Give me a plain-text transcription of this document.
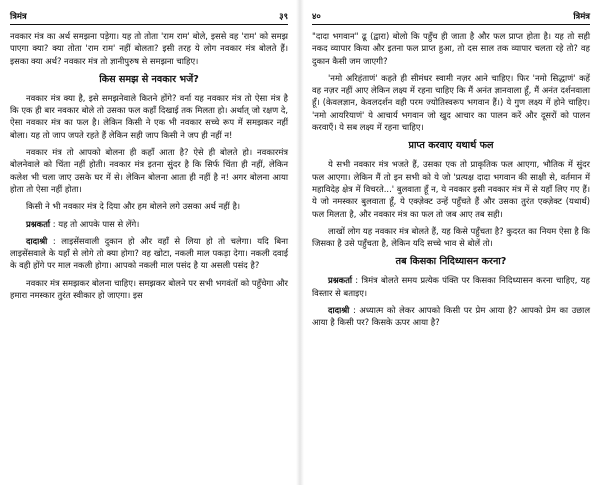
त्रिमंत्र	३९

नवकार मंत्र का अर्थ समझना पड़ेगा। यह तो तोता 'राम राम' बोले, इससे वह 'राम' को समझ पाएगा क्या? क्या तोता 'राम राम' नहीं बोलता? इसी तरह ये लोग नवकार मंत्र बोलते हैं। इसका क्या अर्थ? नवकार मंत्र तो ज्ञानीपुरुष से समझना चाहिए।

किस समझ से नवकार भजें?

नवकार मंत्र क्या है, इसे समझनेवाले कितने होंगे? वर्ना यह नवकार मंत्र तो ऐसा मंत्र है कि एक ही बार नवकार बोले तो उसका फल कहाँ दिखाई तक मिलता हो। अर्थात् जो रक्षण दे, ऐसा नवकार मंत्र का फल है। लेकिन किसी ने एक भी नवकार सच्चे रूप में समझकर नहीं बोला। यह तो जाप जपते रहते हैं लेकिन सही जाप किसी ने जप ही नहीं न!

नवकार मंत्र तो आपको बोलना ही कहाँ आता है? ऐसे ही बोलते हो। नवकारमंत्र बोलनेवाले को चिंता नहीं होती। नवकार मंत्र इतना सुंदर है कि सिर्फ चिंता ही नहीं, लेकिन कलेश भी चला जाए उसके घर में से। लेकिन बोलना आता ही नहीं है न! अगर बोलना आया होता तो ऐसा नहीं होता।

किसी ने भी नवकार मंत्र दे दिया और हम बोलने लगे उसका अर्थ नहीं है।

प्रश्नकर्ता : यह तो आपके पास से लेंगे।

दादाश्री : लाइसेंसवाली दुकान हो और वहाँ से लिया हो तो चलेगा। यदि बिना लाइसेंसवाले के यहाँ से लोगे तो क्या होगा? वह खोटा, नकली माल पकड़ा देगा। नकली दवाई के वही होंगे पर माल नकली होगा। आपको नकली माल पसंद है या असली पसंद है?

नवकार मंत्र समझकर बोलना चाहिए। समझकर बोलने पर सभी भगवंतों को पहुँचेगा और हमारा नमस्कार तुरंत स्वीकार हो जाएगा। इस

४०	त्रिमंत्र

"दादा भगवान" ढू (द्वारा) बोलो कि पहुँच ही जाता है और फल प्राप्त होता है। यह तो सही नकद व्यापार किया और इतना फल प्राप्त हुआ, तो दस साल तक व्यापार चलता रहे तो? वह दुकान कैसी जम जाएगी?

'नमो अरिहंताणं' कहते ही सीमंधर स्वामी नज़र आने चाहिए। फिर 'नमो सिद्धाणं' कहें वह नज़र नहीं आए लेकिन लक्ष्य में रहना चाहिए कि मैं अनंत ज्ञानवाला हूँ, मैं अनंत दर्शनवाला हूँ। (केवलज्ञान, केवलदर्शन वही परम ज्योतिस्वरूप भगवान हैं।) ये गुण लक्ष्य में होने चाहिए। 'नमो आयरियाणं' ये आचार्य भगवान जो खुद आचार का पालन करें और दूसरों को पालन करवाएँ। ये सब लक्ष्य में रहना चाहिए।

प्राप्त करवाए यथार्थ फल

ये सभी नवकार मंत्र भजते हैं, उसका एक तो प्राकृतिक फल आएगा, भौतिक में सुंदर फल आएगा। लेकिन मैं तो इन सभी को ये जो 'प्रत्यक्ष दादा भगवान की साक्षी से, वर्तमान में महाविदेह क्षेत्र में विचरते...' बुलवाता हूँ न, ये नवकार इसी नवकार मंत्र में से यहाँ लिए गए हैं। ये जो नमस्कार बुलवाता हूँ, ये एक्ज़ेक्ट उन्हें पहुँचते हैं और उसका तुरंत एक्ज़ेक्ट (यथार्थ) फल मिलता है, और नवकार मंत्र का फल तो जब आए तब सही।

लाखों लोग यह नवकार मंत्र बोलते हैं, यह किसे पहुँचता है? कुदरत का नियम ऐसा है कि जिसका है उसे पहुँचता है, लेकिन यदि सच्चे भाव से बोलें तो।

तब किसका निदिध्यासन करना?

प्रश्नकर्ता : त्रिमंत्र बोलते समय प्रत्येक पंक्ति पर किसका निदिध्यासन करना चाहिए, यह विस्तार से बताइए।

दादाश्री : अध्यात्म को लेकर आपको किसी पर प्रेम आया है? आपको प्रेम का उछाल आया है किसी पर? किसके ऊपर आया है?
